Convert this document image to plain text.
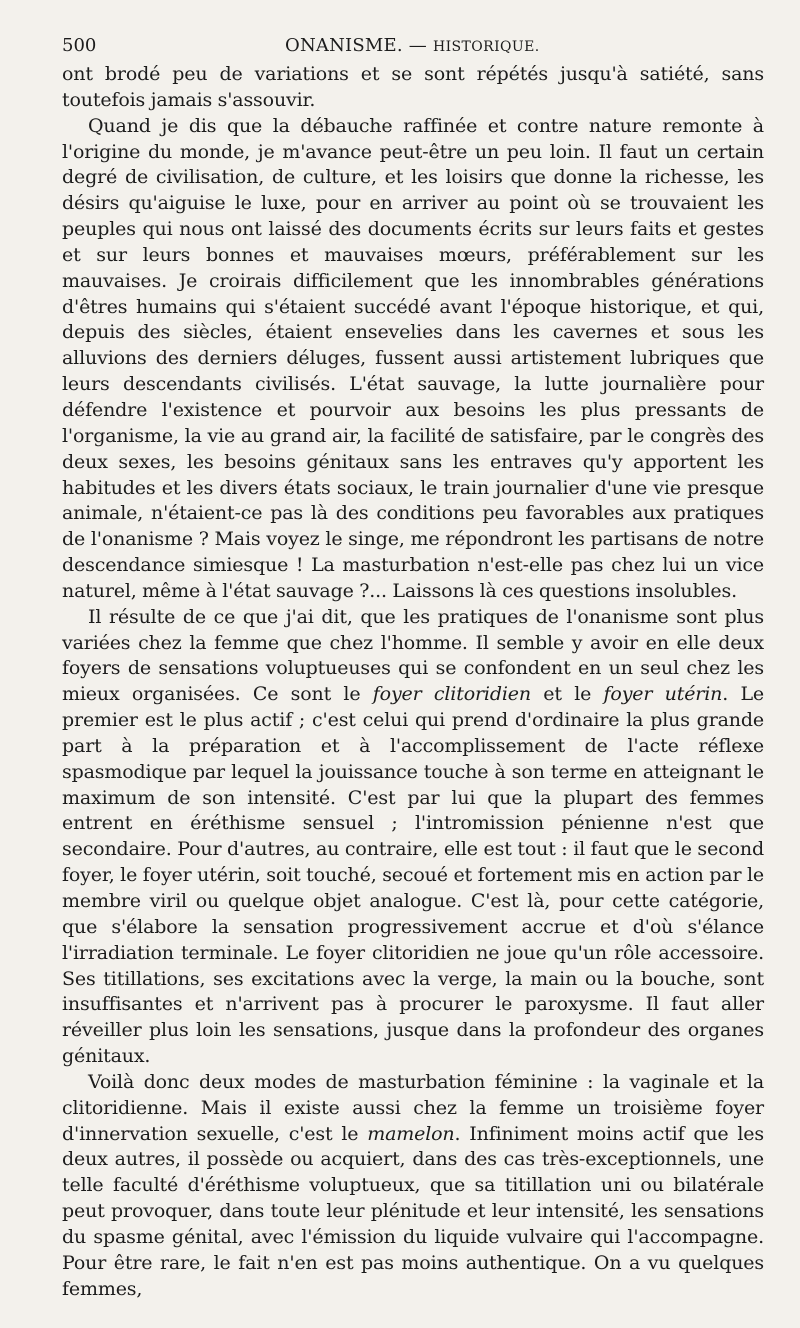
500	ONANISME. — HISTORIQUE.

ont brodé peu de variations et se sont répétés jusqu'à satiété, sans toutefois jamais s'assouvir.

Quand je dis que la débauche raffinée et contre nature remonte à l'origine du monde, je m'avance peut-être un peu loin. Il faut un certain degré de civilisation, de culture, et les loisirs que donne la richesse, les désirs qu'aiguise le luxe, pour en arriver au point où se trouvaient les peuples qui nous ont laissé des documents écrits sur leurs faits et gestes et sur leurs bonnes et mauvaises mœurs, préférablement sur les mauvaises. Je croirais difficilement que les innombrables générations d'êtres humains qui s'étaient succédé avant l'époque historique, et qui, depuis des siècles, étaient ensevelies dans les cavernes et sous les alluvions des derniers déluges, fussent aussi artistement lubriques que leurs descendants civilisés. L'état sauvage, la lutte journalière pour défendre l'existence et pourvoir aux besoins les plus pressants de l'organisme, la vie au grand air, la facilité de satisfaire, par le congrès des deux sexes, les besoins génitaux sans les entraves qu'y apportent les habitudes et les divers états sociaux, le train journalier d'une vie presque animale, n'étaient-ce pas là des conditions peu favorables aux pratiques de l'onanisme ? Mais voyez le singe, me répondront les partisans de notre descendance simiesque ! La masturbation n'est-elle pas chez lui un vice naturel, même à l'état sauvage ?... Laissons là ces questions insolubles.

Il résulte de ce que j'ai dit, que les pratiques de l'onanisme sont plus variées chez la femme que chez l'homme. Il semble y avoir en elle deux foyers de sensations voluptueuses qui se confondent en un seul chez les mieux organisées. Ce sont le foyer clitoridien et le foyer utérin. Le premier est le plus actif ; c'est celui qui prend d'ordinaire la plus grande part à la préparation et à l'accomplissement de l'acte réflexe spasmodique par lequel la jouissance touche à son terme en atteignant le maximum de son intensité. C'est par lui que la plupart des femmes entrent en éréthisme sensuel ; l'intromission pénienne n'est que secondaire. Pour d'autres, au contraire, elle est tout : il faut que le second foyer, le foyer utérin, soit touché, secoué et fortement mis en action par le membre viril ou quelque objet analogue. C'est là, pour cette catégorie, que s'élabore la sensation progressivement accrue et d'où s'élance l'irradiation terminale. Le foyer clitoridien ne joue qu'un rôle accessoire. Ses titillations, ses excitations avec la verge, la main ou la bouche, sont insuffisantes et n'arrivent pas à procurer le paroxysme. Il faut aller réveiller plus loin les sensations, jusque dans la profondeur des organes génitaux.

Voilà donc deux modes de masturbation féminine : la vaginale et la clitoridienne. Mais il existe aussi chez la femme un troisième foyer d'innervation sexuelle, c'est le mamelon. Infiniment moins actif que les deux autres, il possède ou acquiert, dans des cas très-exceptionnels, une telle faculté d'éréthisme voluptueux, que sa titillation uni ou bilatérale peut provoquer, dans toute leur plénitude et leur intensité, les sensations du spasme génital, avec l'émission du liquide vulvaire qui l'accompagne. Pour être rare, le fait n'en est pas moins authentique. On a vu quelques femmes,
